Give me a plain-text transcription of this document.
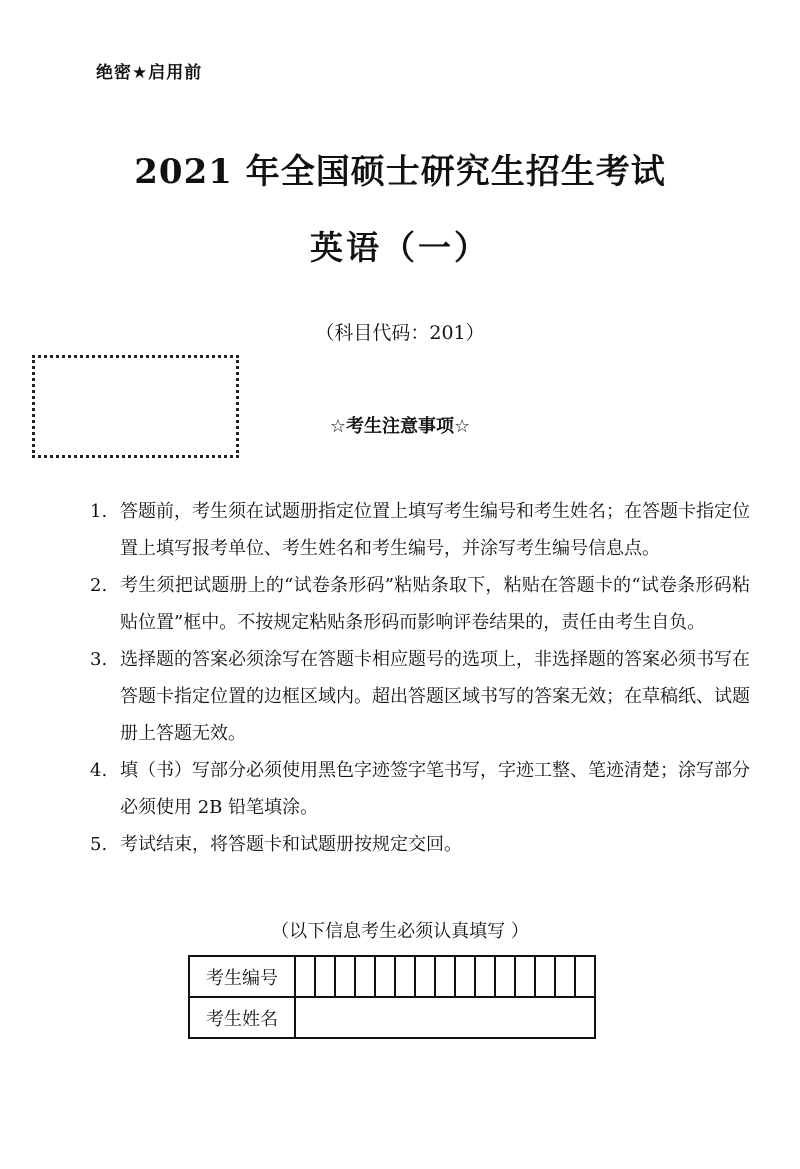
绝密★启用前
2021 年全国硕士研究生招生考试
英语（一）
（科目代码：201）
☆考生注意事项☆
1. 答题前，考生须在试题册指定位置上填写考生编号和考生姓名；在答题卡指定位置上填写报考单位、考生姓名和考生编号，并涂写考生编号信息点。
2. 考生须把试题册上的“试卷条形码”粘贴条取下，粘贴在答题卡的“试卷条形码粘贴位置”框中。不按规定粘贴条形码而影响评卷结果的，责任由考生自负。
3. 选择题的答案必须涂写在答题卡相应题号的选项上，非选择题的答案必须书写在答题卡指定位置的边框区域内。超出答题区域书写的答案无效；在草稿纸、试题册上答题无效。
4. 填（书）写部分必须使用黑色字迹签字笔书写，字迹工整、笔迹清楚；涂写部分必须使用 2B 铅笔填涂。
5. 考试结束，将答题卡和试题册按规定交回。
（以下信息考生必须认真填写 ）
考生编号															
考生姓名															
